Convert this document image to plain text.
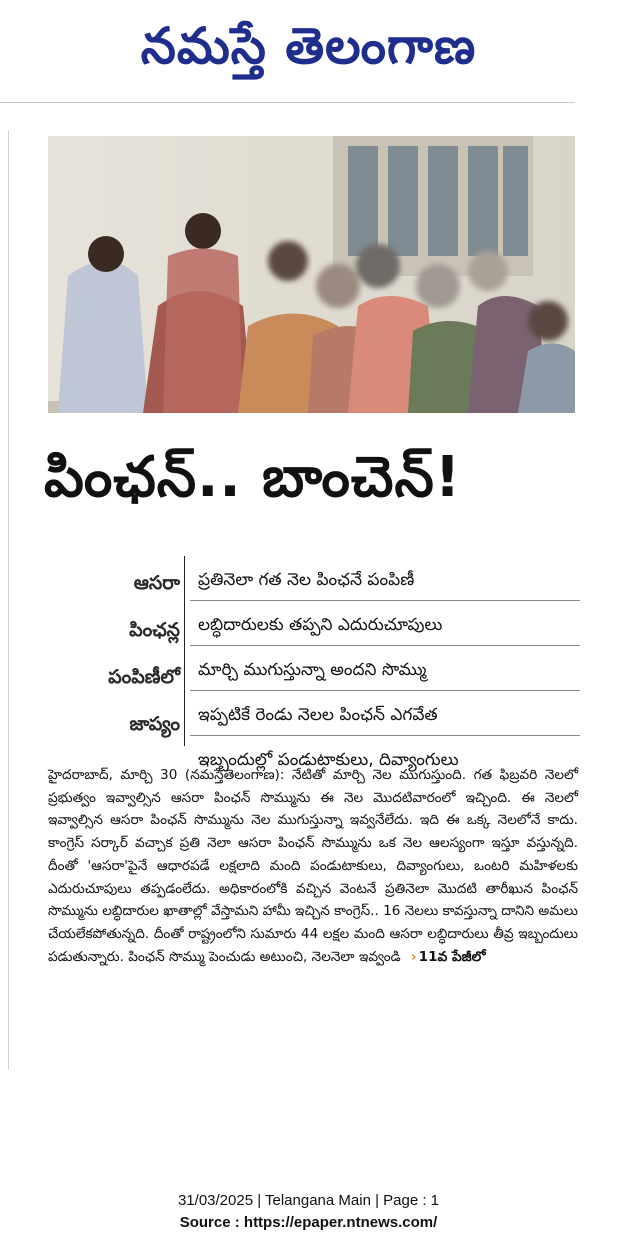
నమస్తే తెలంగాణ
పింఛన్.. బాంచెన్!
ఆసరా
పింఛన్ల
పంపిణీలో
జాప్యం
ప్రతినెలా గత నెల పింఛనే పంపిణీ
లబ్ధిదారులకు తప్పని ఎదురుచూపులు
మార్చి ముగుస్తున్నా అందని సొమ్ము
ఇప్పటికే రెండు నెలల పింఛన్ ఎగవేత
ఇబ్బందుల్లో పండుటాకులు, దివ్యాంగులు
హైదరాబాద్, మార్చి 30 (నమస్తేతెలంగాణ): నేటితో మార్చి నెల ముగుస్తుంది. గత ఫిబ్రవరి నెలలో ప్రభుత్వం ఇవ్వాల్సిన ఆసరా పింఛన్ సొమ్మును ఈ నెల మొదటివారంలో ఇచ్చింది. ఈ నెలలో ఇవ్వాల్సిన ఆసరా పింఛన్ సొమ్మును నెల ముగుస్తున్నా ఇవ్వనేలేదు. ఇది ఈ ఒక్క నెలలోనే కాదు. కాంగ్రెస్ సర్కార్ వచ్చాక ప్రతి నెలా ఆసరా పింఛన్ సొమ్మును ఒక నెల ఆలస్యంగా ఇస్తూ వస్తున్నది. దీంతో 'ఆసరా'పైనే ఆధారపడే లక్షలాది మంది పండుటాకులు, దివ్యాంగులు, ఒంటరి మహిళలకు ఎదురుచూపులు తప్పడంలేదు. అధికారంలోకి వచ్చిన వెంటనే ప్రతినెలా మొదటి తారీఖున పింఛన్ సొమ్మును లబ్ధిదారుల ఖాతాల్లో వేస్తామని హామీ ఇచ్చిన కాంగ్రెస్.. 16 నెలలు కావస్తున్నా దానిని అమలు చేయలేకపోతున్నది. దీంతో రాష్ట్రంలోని సుమారు 44 లక్షల మంది ఆసరా లబ్ధిదారులు తీవ్ర ఇబ్బందులు పడుతున్నారు. పింఛన్ సొమ్ము పెంచుడు అటుంచి, నెలనెలా ఇవ్వండి › 11వ పేజీలో
31/03/2025 | Telangana Main | Page : 1
Source : https://epaper.ntnews.com/
